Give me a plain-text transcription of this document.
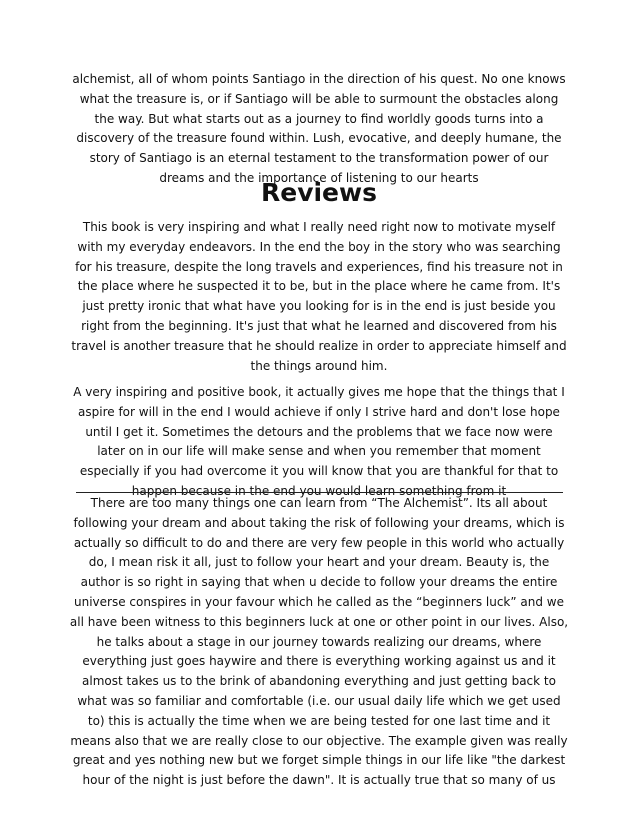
alchemist, all of whom points Santiago in the direction of his quest. No one knows
what the treasure is, or if Santiago will be able to surmount the obstacles along
the way. But what starts out as a journey to find worldly goods turns into a
discovery of the treasure found within. Lush, evocative, and deeply humane, the
story of Santiago is an eternal testament to the transformation power of our
dreams and the importance of listening to our hearts
Reviews
This book is very inspiring and what I really need right now to motivate myself
with my everyday endeavors. In the end the boy in the story who was searching
for his treasure, despite the long travels and experiences, find his treasure not in
the place where he suspected it to be, but in the place where he came from. It's
just pretty ironic that what have you looking for is in the end is just beside you
right from the beginning. It's just that what he learned and discovered from his
travel is another treasure that he should realize in order to appreciate himself and
the things around him.
A very inspiring and positive book, it actually gives me hope that the things that I
aspire for will in the end I would achieve if only I strive hard and don't lose hope
until I get it. Sometimes the detours and the problems that we face now were
later on in our life will make sense and when you remember that moment
especially if you had overcome it you will know that you are thankful for that to
happen because in the end you would learn something from it
There are too many things one can learn from “The Alchemist”. Its all about
following your dream and about taking the risk of following your dreams, which is
actually so difficult to do and there are very few people in this world who actually
do, I mean risk it all, just to follow your heart and your dream. Beauty is, the
author is so right in saying that when u decide to follow your dreams the entire
universe conspires in your favour which he called as the “beginners luck” and we
all have been witness to this beginners luck at one or other point in our lives. Also,
he talks about a stage in our journey towards realizing our dreams, where
everything just goes haywire and there is everything working against us and it
almost takes us to the brink of abandoning everything and just getting back to
what was so familiar and comfortable (i.e. our usual daily life which we get used
to) this is actually the time when we are being tested for one last time and it
means also that we are really close to our objective. The example given was really
great and yes nothing new but we forget simple things in our life like "the darkest
hour of the night is just before the dawn". It is actually true that so many of us
